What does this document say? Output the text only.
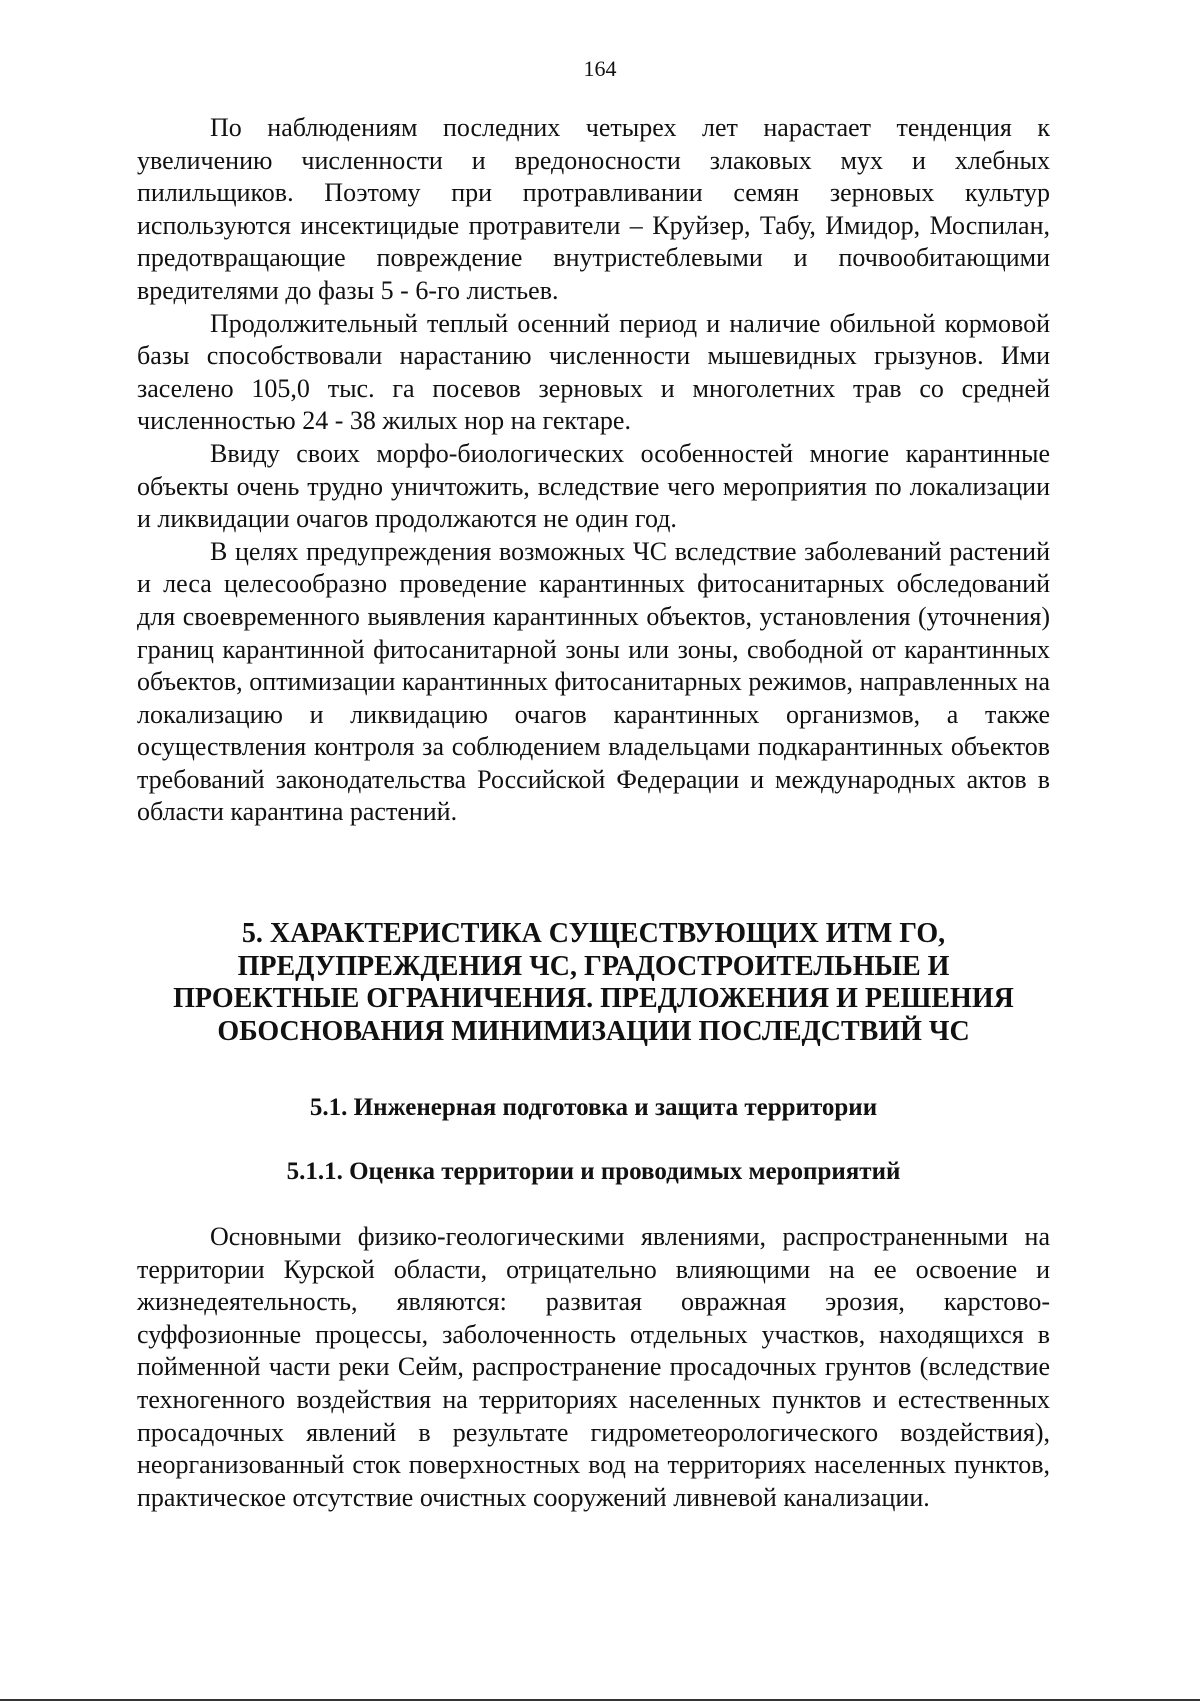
164

По наблюдениям последних четырех лет нарастает тенденция к увеличению численности и вредоносности злаковых мух и хлебных пилильщиков. Поэтому при протравливании семян зерновых культур используются инсектицидые протравители – Круйзер, Табу, Имидор, Моспилан, предотвращающие повреждение внутристеблевыми и почвообитающими вредителями до фазы 5 - 6-го листьев.

Продолжительный теплый осенний период и наличие обильной кормовой базы способствовали нарастанию численности мышевидных грызунов. Ими заселено 105,0 тыс. га посевов зерновых и многолетних трав со средней численностью 24 - 38 жилых нор на гектаре.

Ввиду своих морфо-биологических особенностей многие карантинные объекты очень трудно уничтожить, вследствие чего мероприятия по локализации и ликвидации очагов продолжаются не один год.

В целях предупреждения возможных ЧС вследствие заболеваний растений и леса целесообразно проведение карантинных фитосанитарных обследований для своевременного выявления карантинных объектов, установления (уточнения) границ карантинной фитосанитарной зоны или зоны, свободной от карантинных объектов, оптимизации карантинных фитосанитарных режимов, направленных на локализацию и ликвидацию очагов карантинных организмов, а также осуществления контроля за соблюдением владельцами подкарантинных объектов требований законодательства Российской Федерации и международных актов в области карантина растений.

5. ХАРАКТЕРИСТИКА СУЩЕСТВУЮЩИХ ИТМ ГО,
ПРЕДУПРЕЖДЕНИЯ ЧС, ГРАДОСТРОИТЕЛЬНЫЕ И
ПРОЕКТНЫЕ ОГРАНИЧЕНИЯ. ПРЕДЛОЖЕНИЯ И РЕШЕНИЯ
ОБОСНОВАНИЯ МИНИМИЗАЦИИ ПОСЛЕДСТВИЙ ЧС
5.1. Инженерная подготовка и защита территории
5.1.1. Оценка территории и проводимых мероприятий

Основными физико-геологическими явлениями, распространенными на территории Курской области, отрицательно влияющими на ее освоение и жизнедеятельность, являются: развитая овражная эрозия, карстово-суффозионные процессы, заболоченность отдельных участков, находящихся в пойменной части реки Сейм, распространение просадочных грунтов (вследствие техногенного воздействия на территориях населенных пунктов и естественных просадочных явлений в результате гидрометеорологического воздействия), неорганизованный сток поверхностных вод на территориях населенных пунктов, практическое отсутствие очистных сооружений ливневой канализации.
